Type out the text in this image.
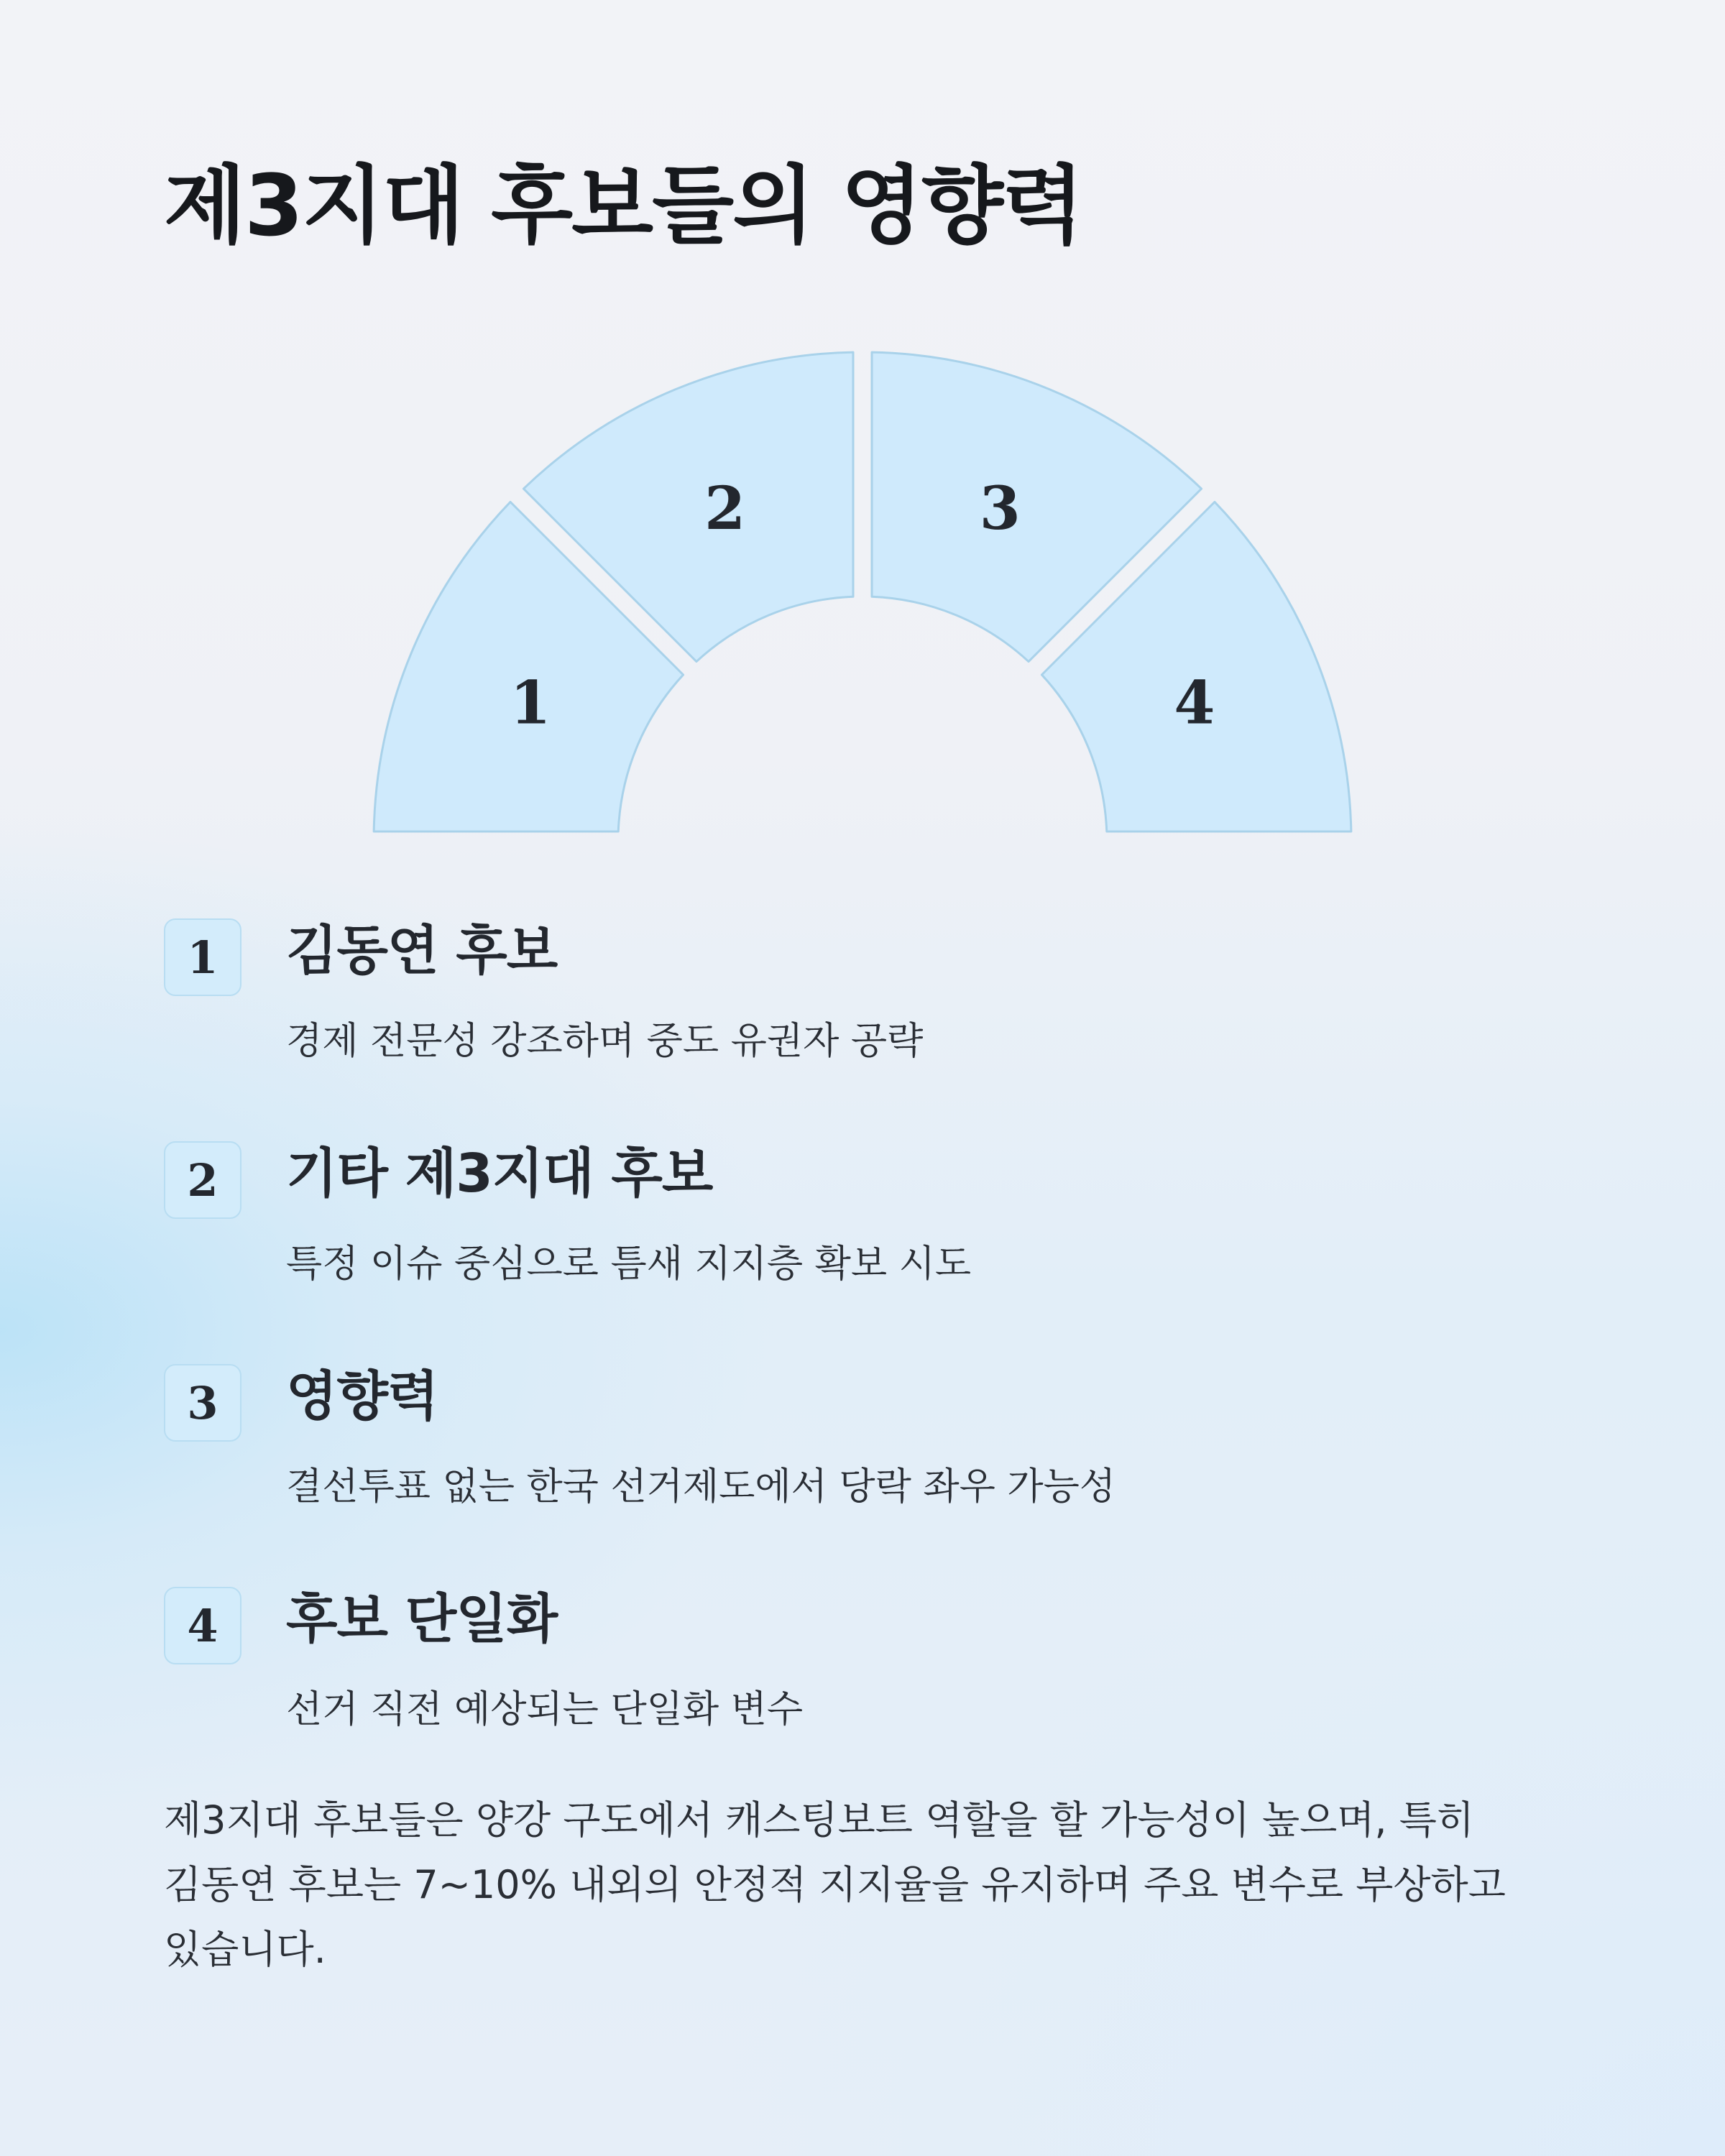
제3지대 후보들의 영향력
1
2	3
4
1	김동연 후보
경제 전문성 강조하며 중도 유권자 공략
2	기타 제3지대 후보
특정 이슈 중심으로 틈새 지지층 확보 시도
3	영향력
결선투표 없는 한국 선거제도에서 당락 좌우 가능성
4	후보 단일화
선거 직전 예상되는 단일화 변수

제3지대 후보들은 양강 구도에서 캐스팅보트 역할을 할 가능성이 높으며, 특히 김동연 후보는 7~10% 내외의 안정적 지지율을 유지하며 주요 변수로 부상하고 있습니다.
